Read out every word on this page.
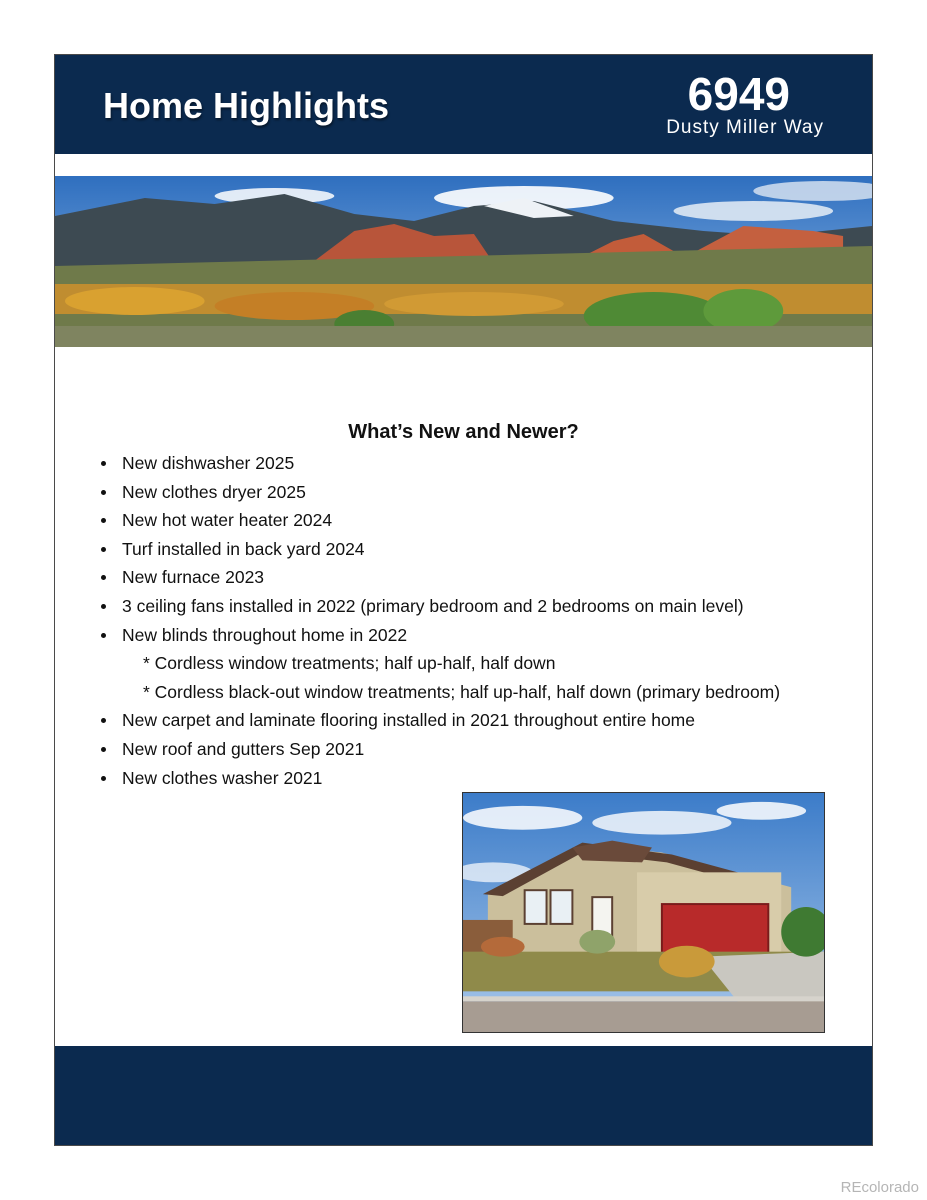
Home Highlights	6949
Dusty Miller Way
What’s New and Newer?
New dishwasher 2025
New clothes dryer 2025
New hot water heater 2024
Turf installed in back yard 2024
New furnace 2023
3 ceiling fans installed in 2022 (primary bedroom and 2 bedrooms on main level)
New blinds throughout home in 2022
* Cordless window treatments; half up-half, half down
* Cordless black-out window treatments; half up-half, half down (primary bedroom)
New carpet and laminate flooring installed in 2021 throughout entire home
New roof and gutters Sep 2021
New clothes washer 2021
REcolorado
